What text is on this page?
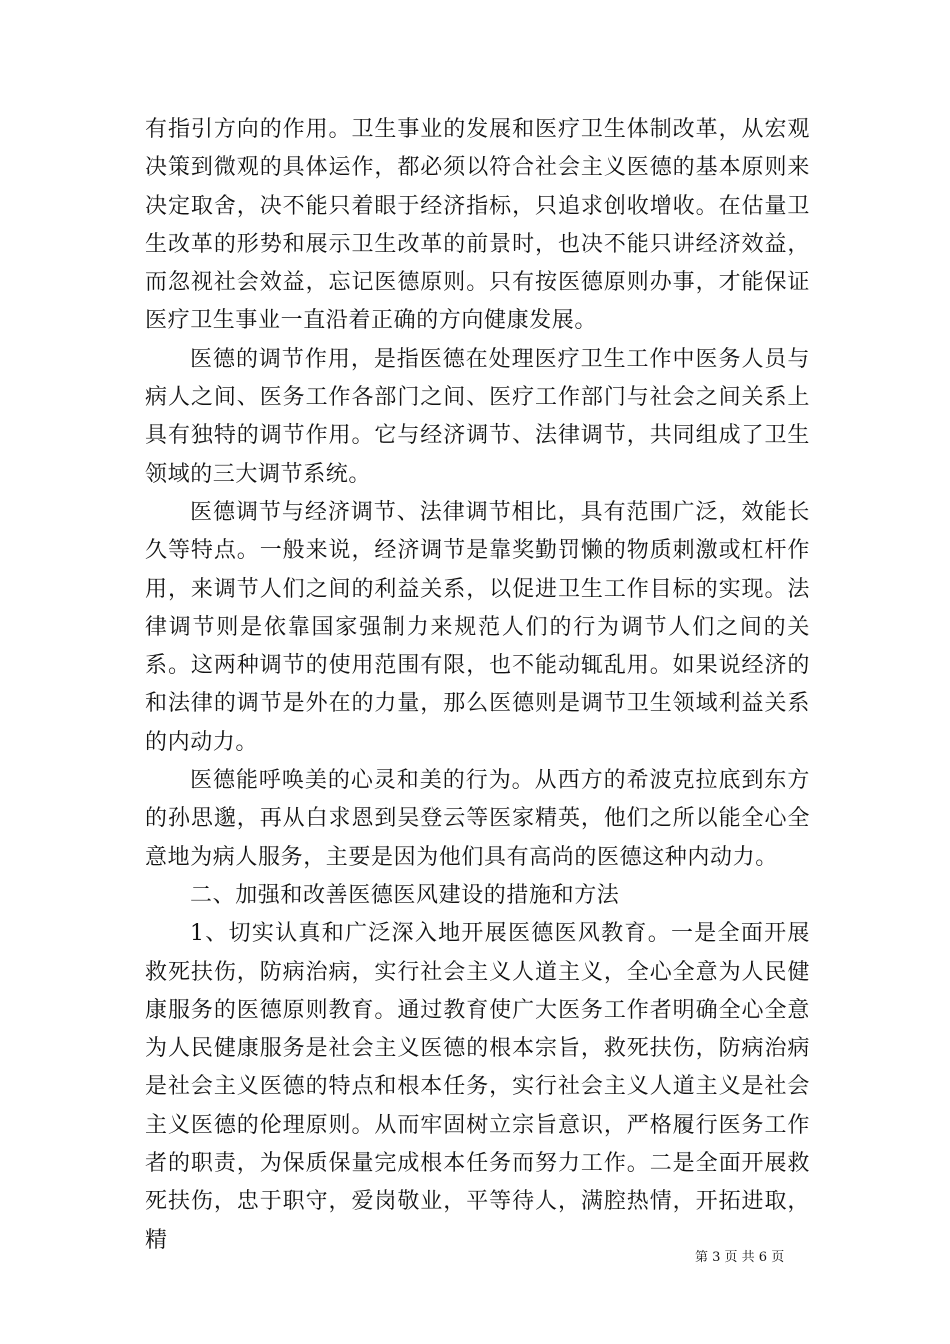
有指引方向的作用。卫生事业的发展和医疗卫生体制改革，从宏观决策到微观的具体运作，都必须以符合社会主义医德的基本原则来决定取舍，决不能只着眼于经济指标，只追求创收增收。在估量卫生改革的形势和展示卫生改革的前景时，也决不能只讲经济效益，而忽视社会效益，忘记医德原则。只有按医德原则办事，才能保证医疗卫生事业一直沿着正确的方向健康发展。

医德的调节作用，是指医德在处理医疗卫生工作中医务人员与病人之间、医务工作各部门之间、医疗工作部门与社会之间关系上具有独特的调节作用。它与经济调节、法律调节，共同组成了卫生领域的三大调节系统。

医德调节与经济调节、法律调节相比，具有范围广泛，效能长久等特点。一般来说，经济调节是靠奖勤罚懒的物质刺激或杠杆作用，来调节人们之间的利益关系，以促进卫生工作目标的实现。法律调节则是依靠国家强制力来规范人们的行为调节人们之间的关系。这两种调节的使用范围有限，也不能动辄乱用。如果说经济的和法律的调节是外在的力量，那么医德则是调节卫生领域利益关系的内动力。

医德能呼唤美的心灵和美的行为。从西方的希波克拉底到东方的孙思邈，再从白求恩到吴登云等医家精英，他们之所以能全心全意地为病人服务，主要是因为他们具有高尚的医德这种内动力。

二、加强和改善医德医风建设的措施和方法

1、切实认真和广泛深入地开展医德医风教育。一是全面开展救死扶伤，防病治病，实行社会主义人道主义，全心全意为人民健康服务的医德原则教育。通过教育使广大医务工作者明确全心全意为人民健康服务是社会主义医德的根本宗旨，救死扶伤，防病治病是社会主义医德的特点和根本任务，实行社会主义人道主义是社会主义医德的伦理原则。从而牢固树立宗旨意识，严格履行医务工作者的职责，为保质保量完成根本任务而努力工作。二是全面开展救死扶伤，忠于职守，爱岗敬业，平等待人，满腔热情，开拓进取，精

第 3 页 共 6 页
